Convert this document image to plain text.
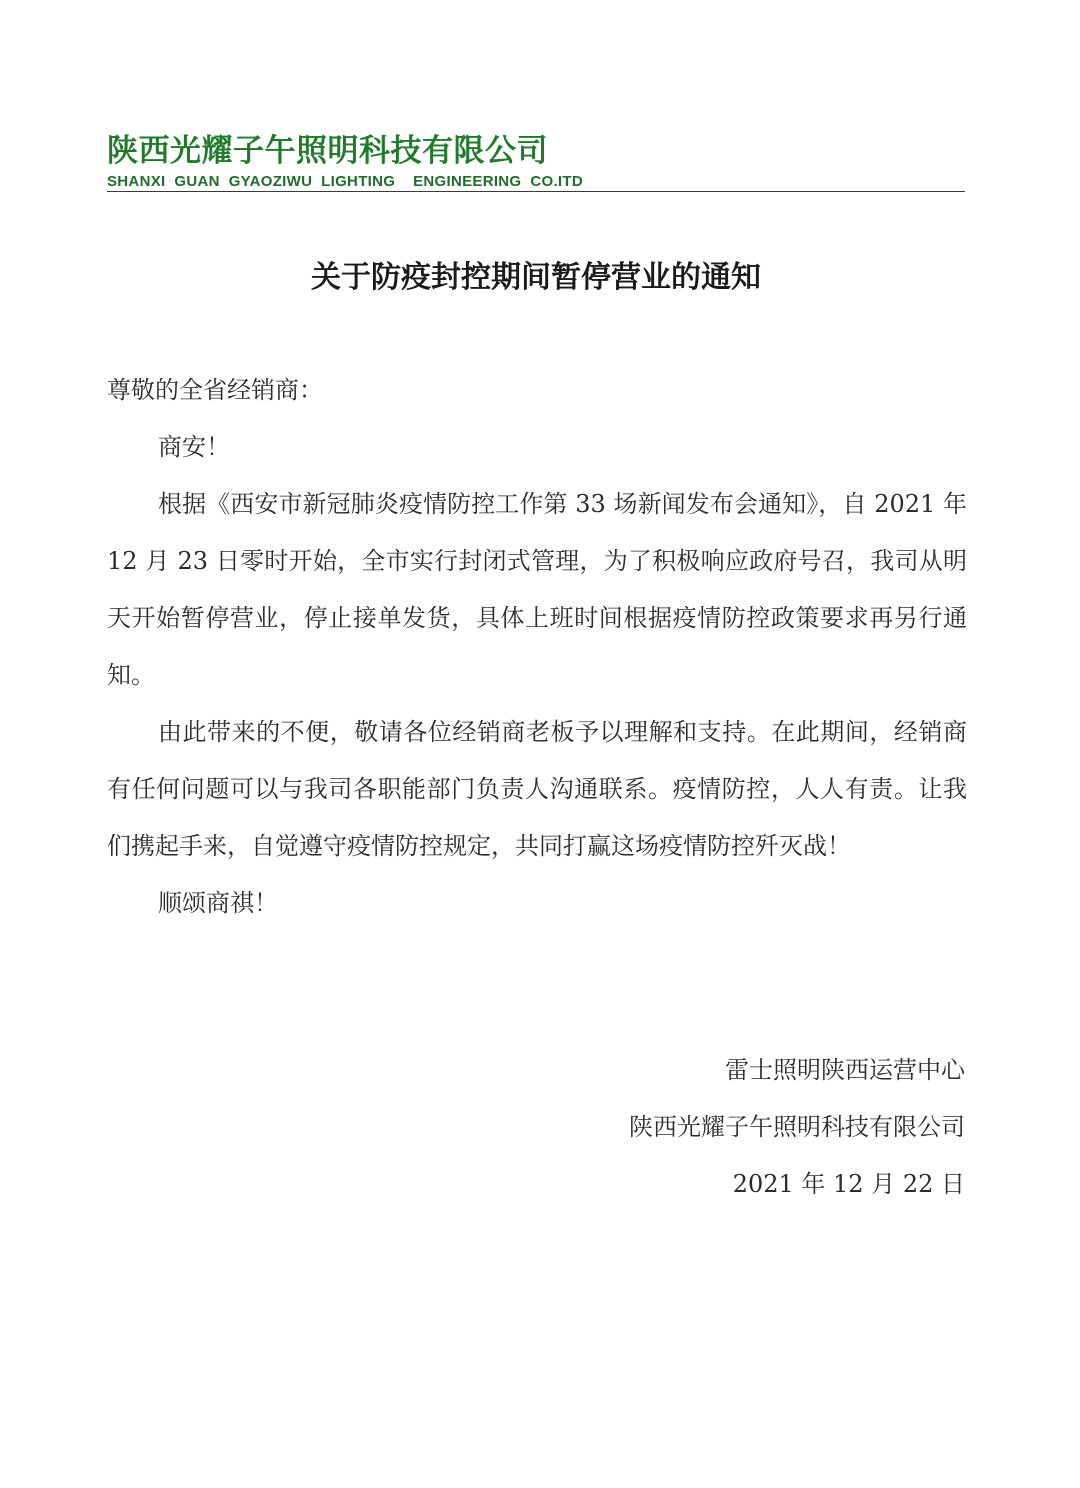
陕西光耀子午照明科技有限公司
SHANXI  GUAN  GYAOZIWU  LIGHTING    ENGINEERING  CO.ITD
关于防疫封控期间暂停营业的通知

尊敬的全省经销商：

商安！

根据《西安市新冠肺炎疫情防控工作第 33 场新闻发布会通知》，自 2021 年 12 月 23 日零时开始，全市实行封闭式管理，为了积极响应政府号召，我司从明天开始暂停营业，停止接单发货，具体上班时间根据疫情防控政策要求再另行通知。

由此带来的不便，敬请各位经销商老板予以理解和支持。在此期间，经销商有任何问题可以与我司各职能部门负责人沟通联系。疫情防控，人人有责。让我们携起手来，自觉遵守疫情防控规定，共同打赢这场疫情防控歼灭战！

顺颂商祺！

雷士照明陕西运营中心

陕西光耀子午照明科技有限公司

2021 年 12 月 22 日
